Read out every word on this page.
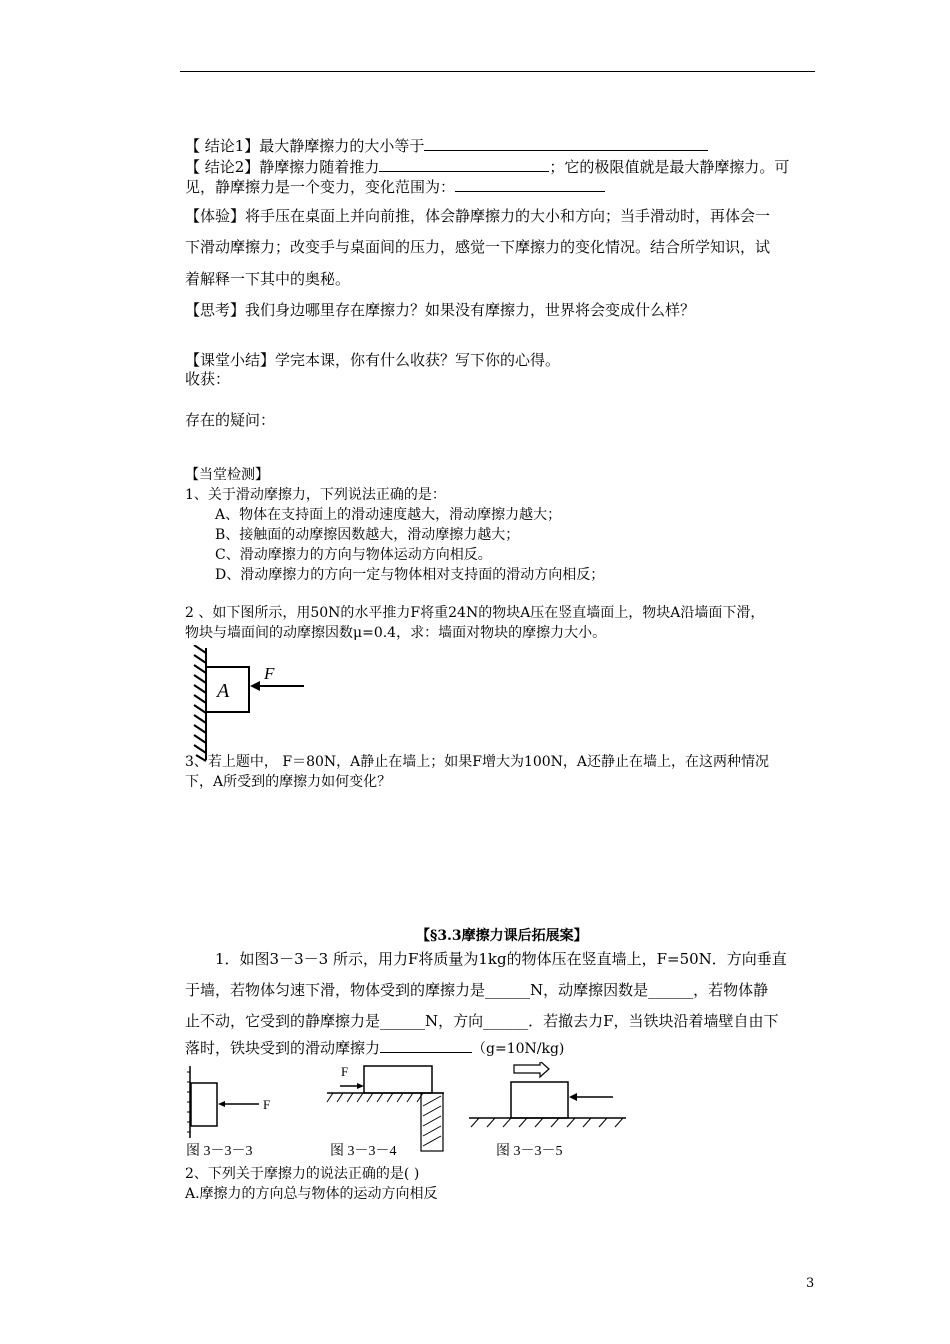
【 结论1】最大静摩擦力的大小等于
【 结论2】静摩擦力随着推力	；它的极限值就是最大静摩擦力。可
见，静摩擦力是一个变力，变化范围为：
【体验】将手压在桌面上并向前推，体会静摩擦力的大小和方向；当手滑动时，再体会一
下滑动摩擦力；改变手与桌面间的压力，感觉一下摩擦力的变化情况。结合所学知识，试
着解释一下其中的奥秘。
【思考】我们身边哪里存在摩擦力？如果没有摩擦力，世界将会变成什么样？
【课堂小结】学完本课，你有什么收获？写下你的心得。
收获：
存在的疑问：
【当堂检测】
1、关于滑动摩擦力，下列说法正确的是：
A、物体在支持面上的滑动速度越大，滑动摩擦力越大；
B、接触面的动摩擦因数越大，滑动摩擦力越大；
C、滑动摩擦力的方向与物体运动方向相反。
D、滑动摩擦力的方向一定与物体相对支持面的滑动方向相反；
2 、如下图所示，用50N的水平推力F将重24N的物块A压在竖直墙面上，物块A沿墙面下滑，
物块与墙面间的动摩擦因数μ=0.4，求：墙面对物块的摩擦力大小。
A
F
3、若上题中， F＝80N，A静止在墙上；如果F增大为100N，A还静止在墙上，在这两种情况
下，A所受到的摩擦力如何变化？
【§3.3摩擦力课后拓展案】
1．如图3－3－3 所示，用力F将质量为1kg的物体压在竖直墙上，F=50N．方向垂直
于墙，若物体匀速下滑，物体受到的摩擦力是______N，动摩擦因数是______，若物体静
止不动，它受到的静摩擦力是______N，方向______．若撤去力F，当铁块沿着墙壁自由下
落时，铁块受到的滑动摩擦力	（g=10N/kg)
F
图 3－3－3
F
图 3－3－4	图 3－3－5
2、下列关于摩擦力的说法正确的是( )
A.摩擦力的方向总与物体的运动方向相反
3
